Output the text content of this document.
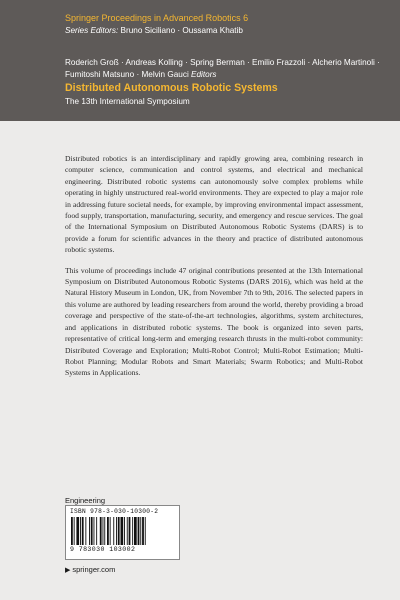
Springer Proceedings in Advanced Robotics 6
Series Editors: Bruno Siciliano · Oussama Khatib
Roderich Groß · Andreas Kolling · Spring Berman · Emilio Frazzoli · Alcherio Martinoli · Fumitoshi Matsuno · Melvin Gauci Editors
Distributed Autonomous Robotic Systems
The 13th International Symposium

Distributed robotics is an interdisciplinary and rapidly growing area, combining research in computer science, communication and control systems, and electrical and mechanical engineering. Distributed robotic systems can autonomously solve complex problems while operating in highly unstructured real-world environments. They are expected to play a major role in addressing future societal needs, for example, by improving environmental impact assessment, food supply, transportation, manufacturing, security, and emergency and rescue services. The goal of the International Symposium on Distributed Autonomous Robotic Systems (DARS) is to provide a forum for scientific advances in the theory and practice of distributed autonomous robotic systems.

This volume of proceedings include 47 original contributions presented at the 13th International Symposium on Distributed Autonomous Robotic Systems (DARS 2016), which was held at the Natural History Museum in London, UK, from November 7th to 9th, 2016. The selected papers in this volume are authored by leading researchers from around the world, thereby providing a broad coverage and perspective of the state-of-the-art technologies, algorithms, system architectures, and applications in distributed robotic systems. The book is organized into seven parts, representative of critical long-term and emerging research thrusts in the multi-robot community: Distributed Coverage and Exploration; Multi-Robot Control; Multi-Robot Estimation; Multi-Robot Planning; Modular Robots and Smart Materials; Swarm Robotics; and Multi-Robot Systems in Applications.

Engineering
ISBN 978-3-030-10300-2
9 783030 103002
▶ springer.com
